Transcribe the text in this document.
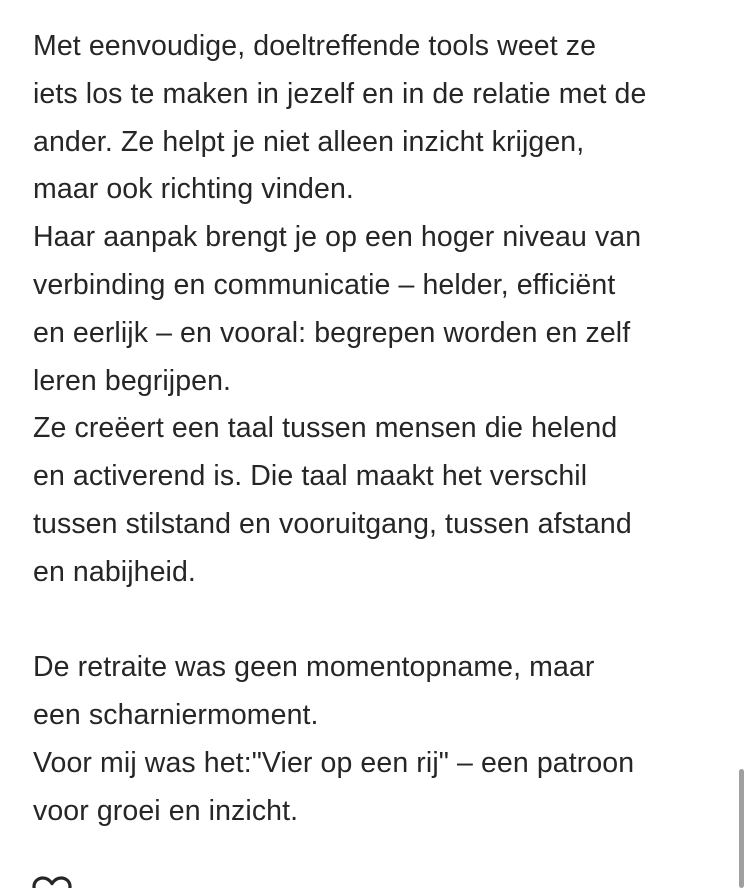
Met eenvoudige, doeltreffende tools weet ze
iets los te maken in jezelf en in de relatie met de
ander. Ze helpt je niet alleen inzicht krijgen,
maar ook richting vinden.
Haar aanpak brengt je op een hoger niveau van
verbinding en communicatie – helder, efficiënt
en eerlijk – en vooral: begrepen worden en zelf
leren begrijpen.
Ze creëert een taal tussen mensen die helend
en activerend is. Die taal maakt het verschil
tussen stilstand en vooruitgang, tussen afstand
en nabijheid.
De retraite was geen momentopname, maar
een scharniermoment.
Voor mij was het:"Vier op een rij" – een patroon
voor groei en inzicht.
